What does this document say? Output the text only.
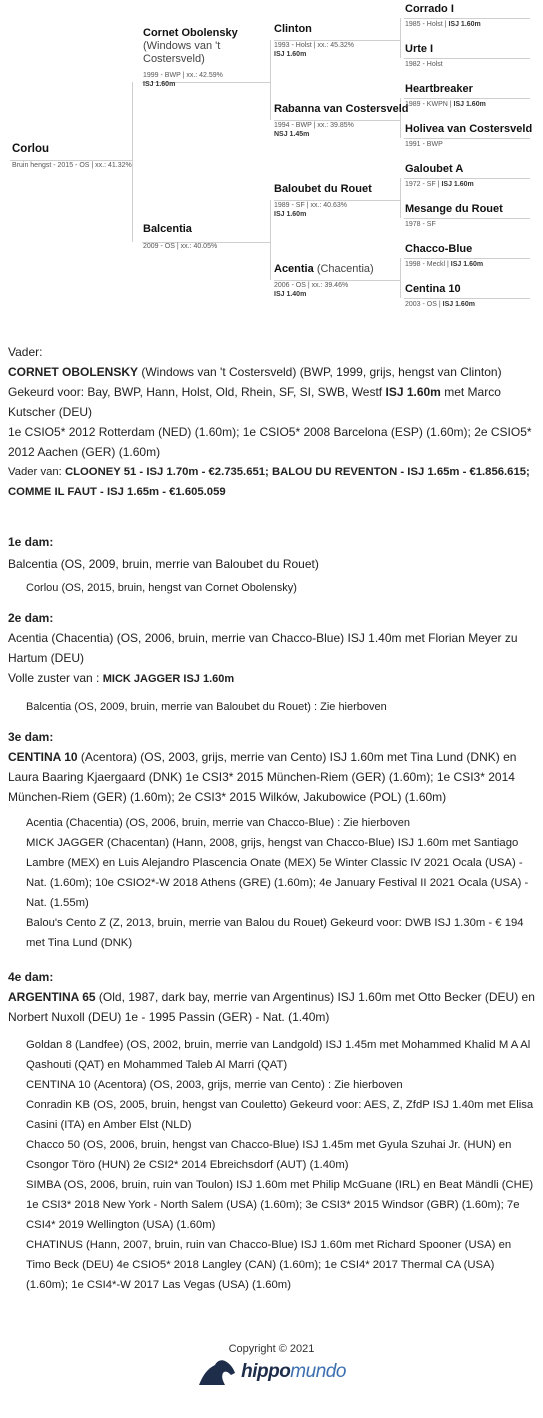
Corlou
Bruin hengst - 2015 - OS | xx.: 41.32%
Cornet Obolensky
(Windows van 't
Costersveld)
1999 - BWP | xx.: 42.59%
ISJ 1.60m
Balcentia
2009 - OS | xx.: 40.05%
Clinton
1993 - Holst | xx.: 45.32%
ISJ 1.60m
Rabanna van Costersveld
1994 - BWP | xx.: 39.85%
NSJ 1.45m
Baloubet du Rouet
1989 - SF | xx.: 40.63%
ISJ 1.60m
Acentia (Chacentia)
2006 - OS | xx.: 39.46%
ISJ 1.40m
Corrado I
1985 - Holst | ISJ 1.60m
Urte I
1982 - Holst
Heartbreaker
1989 - KWPN | ISJ 1.60m
Holivea van Costersveld
1991 - BWP
Galoubet A
1972 - SF | ISJ 1.60m
Mesange du Rouet
1978 - SF
Chacco-Blue
1998 - Meckl | ISJ 1.60m
Centina 10
2003 - OS | ISJ 1.60m

Vader:

CORNET OBOLENSKY (Windows van 't Costersveld) (BWP, 1999, grijs, hengst van Clinton) Gekeurd voor: Bay, BWP, Hann, Holst, Old, Rhein, SF, SI, SWB, Westf ISJ 1.60m met Marco Kutscher (DEU)

1e CSIO5* 2012 Rotterdam (NED) (1.60m); 1e CSIO5* 2008 Barcelona (ESP) (1.60m); 2e CSIO5* 2012 Aachen (GER) (1.60m)

Vader van: CLOONEY 51 - ISJ 1.70m - €2.735.651; BALOU DU REVENTON - ISJ 1.65m - €1.856.615; COMME IL FAUT - ISJ 1.65m - €1.605.059

1e dam:

Balcentia (OS, 2009, bruin, merrie van Baloubet du Rouet)

Corlou (OS, 2015, bruin, hengst van Cornet Obolensky)

2e dam:

Acentia (Chacentia) (OS, 2006, bruin, merrie van Chacco-Blue) ISJ 1.40m met Florian Meyer zu Hartum (DEU)

Volle zuster van : MICK JAGGER ISJ 1.60m

Balcentia (OS, 2009, bruin, merrie van Baloubet du Rouet) : Zie hierboven

3e dam:

CENTINA 10 (Acentora) (OS, 2003, grijs, merrie van Cento) ISJ 1.60m met Tina Lund (DNK) en Laura Baaring Kjaergaard (DNK) 1e CSI3* 2015 München-Riem (GER) (1.60m); 1e CSI3* 2014 München-Riem (GER) (1.60m); 2e CSI3* 2015 Wilków, Jakubowice (POL) (1.60m)

Acentia (Chacentia) (OS, 2006, bruin, merrie van Chacco-Blue) : Zie hierboven

MICK JAGGER (Chacentan) (Hann, 2008, grijs, hengst van Chacco-Blue) ISJ 1.60m met Santiago Lambre (MEX) en Luis Alejandro Plascencia Onate (MEX) 5e Winter Classic IV 2021 Ocala (USA) - Nat. (1.60m); 10e CSIO2*-W 2018 Athens (GRE) (1.60m); 4e January Festival II 2021 Ocala (USA) - Nat. (1.55m)

Balou's Cento Z (Z, 2013, bruin, merrie van Balou du Rouet) Gekeurd voor: DWB ISJ 1.30m - € 194 met Tina Lund (DNK)

4e dam:

ARGENTINA 65 (Old, 1987, dark bay, merrie van Argentinus) ISJ 1.60m met Otto Becker (DEU) en Norbert Nuxoll (DEU) 1e - 1995 Passin (GER) - Nat. (1.40m)

Goldan 8 (Landfee) (OS, 2002, bruin, merrie van Landgold) ISJ 1.45m met Mohammed Khalid M A Al Qashouti (QAT) en Mohammed Taleb Al Marri (QAT)

CENTINA 10 (Acentora) (OS, 2003, grijs, merrie van Cento) : Zie hierboven

Conradin KB (OS, 2005, bruin, hengst van Couletto) Gekeurd voor: AES, Z, ZfdP ISJ 1.40m met Elisa Casini (ITA) en Amber Elst (NLD)

Chacco 50 (OS, 2006, bruin, hengst van Chacco-Blue) ISJ 1.45m met Gyula Szuhai Jr. (HUN) en Csongor Töro (HUN) 2e CSI2* 2014 Ebreichsdorf (AUT) (1.40m)

SIMBA (OS, 2006, bruin, ruin van Toulon) ISJ 1.60m met Philip McGuane (IRL) en Beat Mändli (CHE) 1e CSI3* 2018 New York - North Salem (USA) (1.60m); 3e CSI3* 2015 Windsor (GBR) (1.60m); 7e CSI4* 2019 Wellington (USA) (1.60m)

CHATINUS (Hann, 2007, bruin, ruin van Chacco-Blue) ISJ 1.60m met Richard Spooner (USA) en Timo Beck (DEU) 4e CSIO5* 2018 Langley (CAN) (1.60m); 1e CSI4* 2017 Thermal CA (USA) (1.60m); 1e CSI4*-W 2017 Las Vegas (USA) (1.60m)

Copyright © 2021
hippomundo
